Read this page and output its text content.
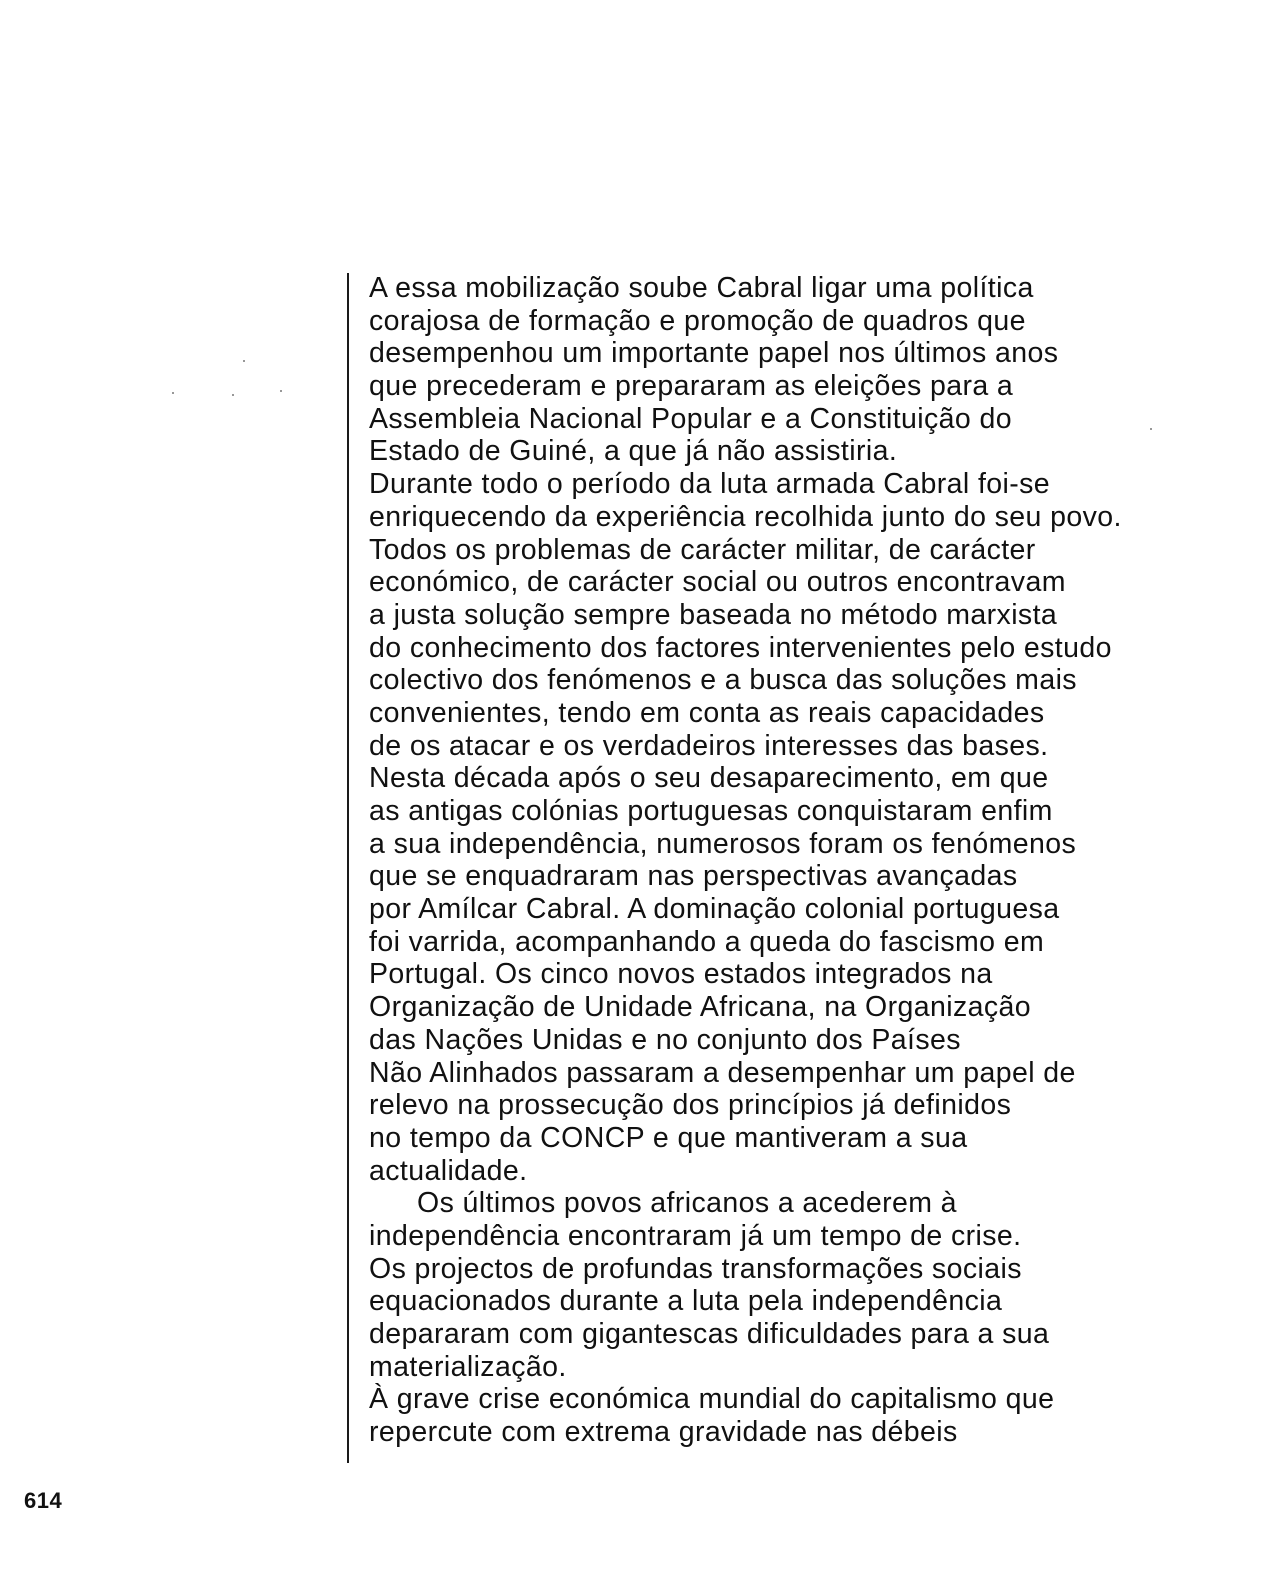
A essa mobilização soube Cabral ligar uma política
corajosa de formação e promoção de quadros que
desempenhou um importante papel nos últimos anos
que precederam e prepararam as eleições para a
Assembleia Nacional Popular e a Constituição do
Estado de Guiné, a que já não assistiria.
Durante todo o período da luta armada Cabral foi-se
enriquecendo da experiência recolhida junto do seu povo.
Todos os problemas de carácter militar, de carácter
económico, de carácter social ou outros encontravam
a justa solução sempre baseada no método marxista
do conhecimento dos factores intervenientes pelo estudo
colectivo dos fenómenos e a busca das soluções mais
convenientes, tendo em conta as reais capacidades
de os atacar e os verdadeiros interesses das bases.
Nesta década após o seu desaparecimento, em que
as antigas colónias portuguesas conquistaram enfim
a sua independência, numerosos foram os fenómenos
que se enquadraram nas perspectivas avançadas
por Amílcar Cabral. A dominação colonial portuguesa
foi varrida, acompanhando a queda do fascismo em
Portugal. Os cinco novos estados integrados na
Organização de Unidade Africana, na Organização
das Nações Unidas e no conjunto dos Países
Não Alinhados passaram a desempenhar um papel de
relevo na prossecução dos princípios já definidos
no tempo da CONCP e que mantiveram a sua
actualidade.
Os últimos povos africanos a acederem à
independência encontraram já um tempo de crise.
Os projectos de profundas transformações sociais
equacionados durante a luta pela independência
depararam com gigantescas dificuldades para a sua
materialização.
À grave crise económica mundial do capitalismo que
repercute com extrema gravidade nas débeis
614
